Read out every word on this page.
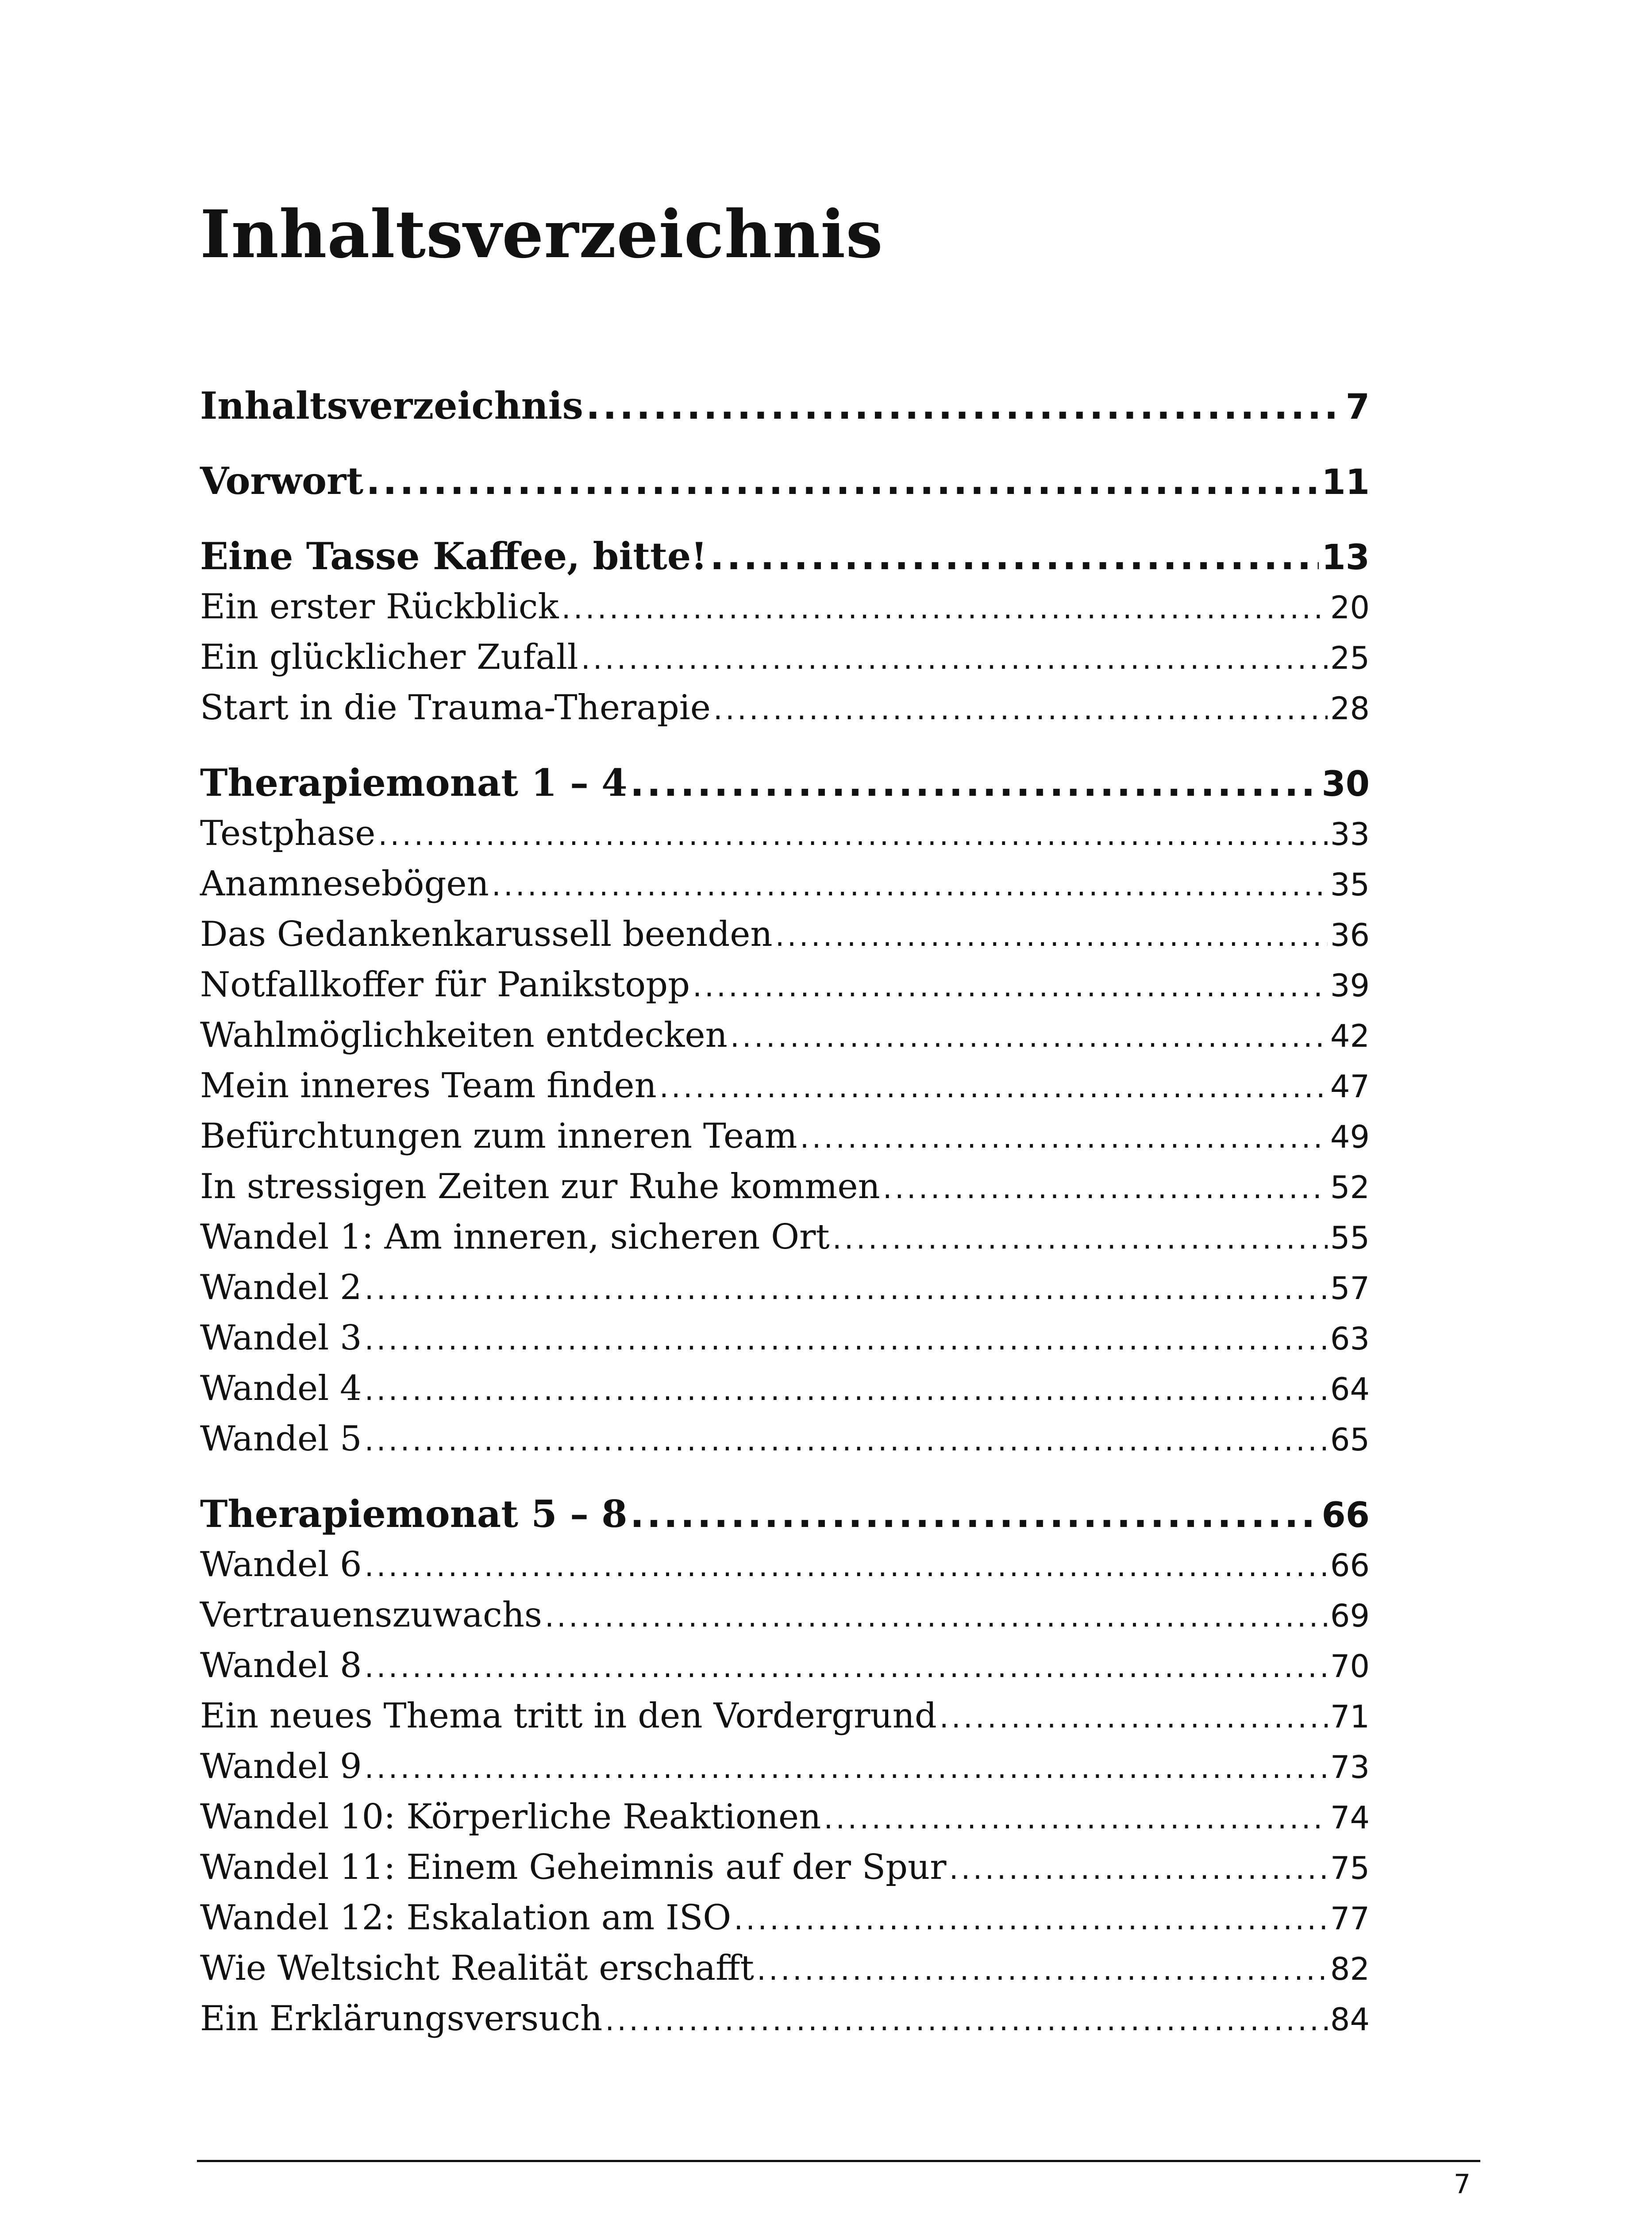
Inhaltsverzeichnis
Inhaltsverzeichnis .....	7
Vorwort .....	11
Eine Tasse Kaffee, bitte! .....	13
Ein erster Rückblick .....	20
Ein glücklicher Zufall .....	25
Start in die Trauma-Therapie .....	28
Therapiemonat 1 – 4 .....	30
Testphase .....	33
Anamnesebögen .....	35
Das Gedankenkarussell beenden .....	36
Notfallkoffer für Panikstopp .....	39
Wahlmöglichkeiten entdecken .....	42
Mein inneres Team finden .....	47
Befürchtungen zum inneren Team .....	49
In stressigen Zeiten zur Ruhe kommen .....	52
Wandel 1: Am inneren, sicheren Ort .....	55
Wandel 2 .....	57
Wandel 3 .....	63
Wandel 4 .....	64
Wandel 5 .....	65
Therapiemonat 5 – 8 .....	66
Wandel 6 .....	66
Vertrauenszuwachs .....	69
Wandel 8 .....	70
Ein neues Thema tritt in den Vordergrund .....	71
Wandel 9 .....	73
Wandel 10: Körperliche Reaktionen .....	74
Wandel 11: Einem Geheimnis auf der Spur .....	75
Wandel 12: Eskalation am ISO .....	77
Wie Weltsicht Realität erschafft .....	82
Ein Erklärungsversuch .....	84
7
